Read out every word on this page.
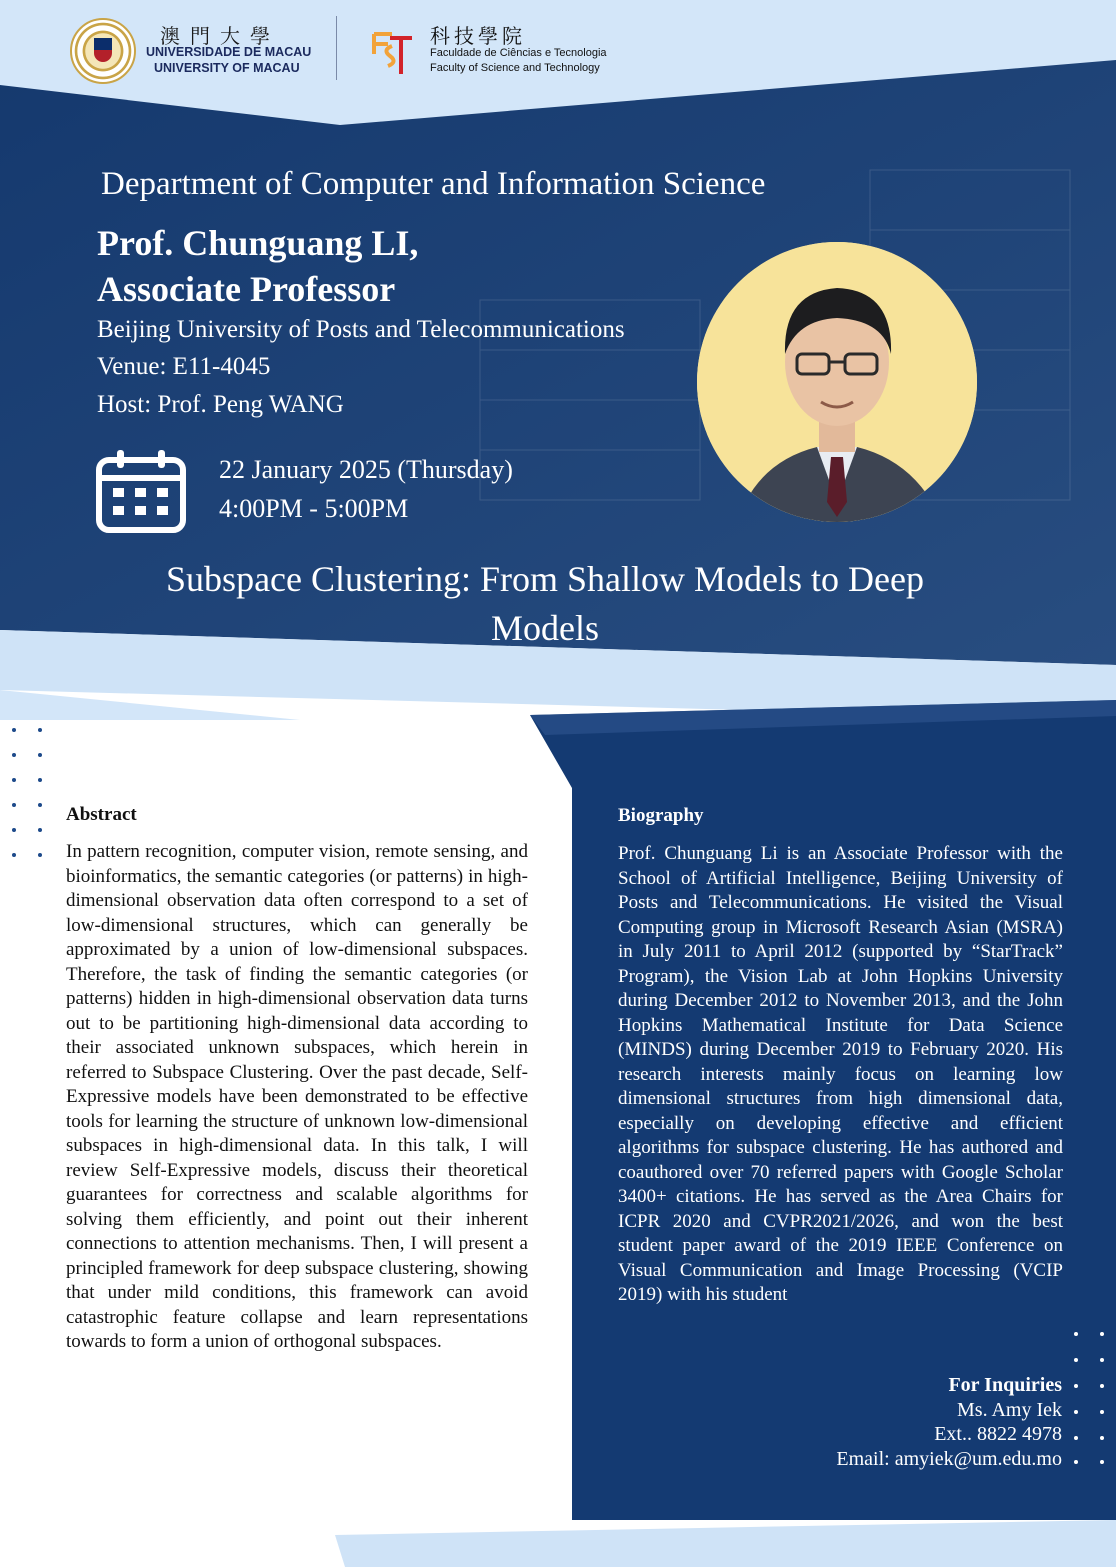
澳門大學
UNIVERSIDADE DE MACAU
UNIVERSITY OF MACAU
科技學院
Faculdade de Ciências e Tecnologia
Faculty of Science and Technology
Department of Computer and Information Science
Prof. Chunguang LI,
Associate Professor
Beijing University of Posts and Telecommunications
Venue: E11-4045
Host: Prof. Peng WANG
22 January 2025 (Thursday)
4:00PM - 5:00PM
Subspace Clustering: From Shallow Models to Deep Models
Abstract
In pattern recognition, computer vision, remote sensing, and bioinformatics, the semantic categories (or patterns) in high-dimensional observation data often correspond to a set of low-dimensional structures, which can generally be approximated by a union of low-dimensional subspaces. Therefore, the task of finding the semantic categories (or patterns) hidden in high-dimensional observation data turns out to be partitioning high-dimensional data according to their associated unknown subspaces, which herein in referred to Subspace Clustering. Over the past decade, Self-Expressive models have been demonstrated to be effective tools for learning the structure of unknown low-dimensional subspaces in high-dimensional data. In this talk, I will review Self-Expressive models, discuss their theoretical guarantees for correctness and scalable algorithms for solving them efficiently, and point out their inherent connections to attention mechanisms. Then, I will present a principled framework for deep subspace clustering, showing that under mild conditions, this framework can avoid catastrophic feature collapse and learn representations towards to form a union of orthogonal subspaces.
Biography
Prof. Chunguang Li is an Associate Professor with the School of Artificial Intelligence, Beijing University of Posts and Telecommunications. He visited the Visual Computing group in Microsoft Research Asian (MSRA) in July 2011 to April 2012 (supported by “StarTrack” Program), the Vision Lab at John Hopkins University during December 2012 to November 2013, and the John Hopkins Mathematical Institute for Data Science (MINDS) during December 2019 to February 2020. His research interests mainly focus on learning low dimensional structures from high dimensional data, especially on developing effective and efficient algorithms for subspace clustering. He has authored and coauthored over 70 referred papers with Google Scholar 3400+ citations. He has served as the Area Chairs for ICPR 2020 and CVPR2021/2026, and won the best student paper award of the 2019 IEEE Conference on Visual Communication and Image Processing (VCIP 2019) with his student
For Inquiries
Ms. Amy Iek
Ext.. 8822 4978
Email: amyiek@um.edu.mo
